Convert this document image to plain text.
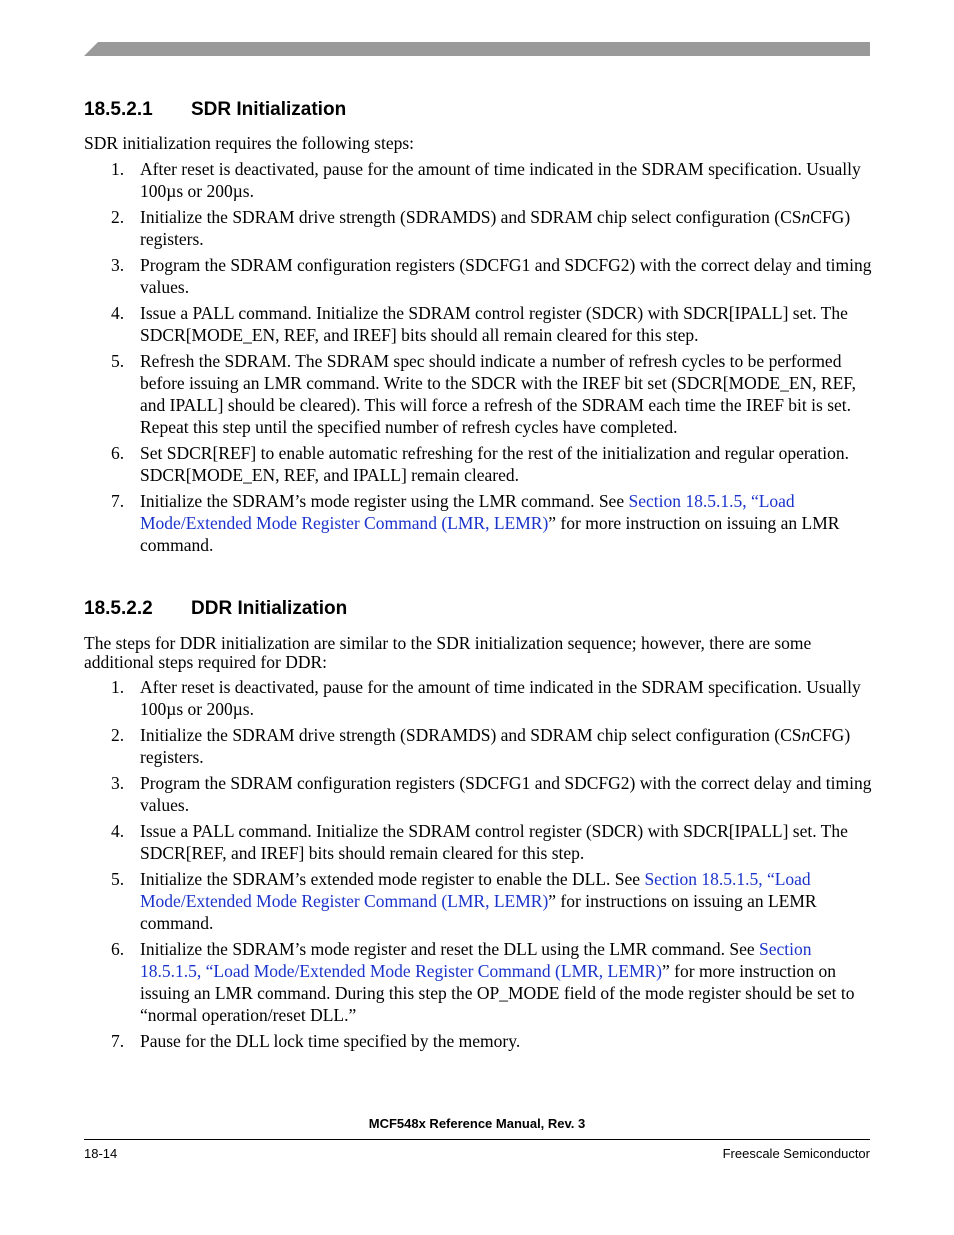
18.5.2.1 SDR Initialization

SDR initialization requires the following steps:

1. After reset is deactivated, pause for the amount of time indicated in the SDRAM specification. Usually 100µs or 200µs.
2. Initialize the SDRAM drive strength (SDRAMDS) and SDRAM chip select configuration (CSnCFG) registers.
3. Program the SDRAM configuration registers (SDCFG1 and SDCFG2) with the correct delay and timing values.
4. Issue a PALL command. Initialize the SDRAM control register (SDCR) with SDCR[IPALL] set. The SDCR[MODE_EN, REF, and IREF] bits should all remain cleared for this step.
5. Refresh the SDRAM. The SDRAM spec should indicate a number of refresh cycles to be performed before issuing an LMR command. Write to the SDCR with the IREF bit set (SDCR[MODE_EN, REF, and IPALL] should be cleared). This will force a refresh of the SDRAM each time the IREF bit is set. Repeat this step until the specified number of refresh cycles have completed.
6. Set SDCR[REF] to enable automatic refreshing for the rest of the initialization and regular operation. SDCR[MODE_EN, REF, and IPALL] remain cleared.
7. Initialize the SDRAM’s mode register using the LMR command. See Section 18.5.1.5, “Load Mode/Extended Mode Register Command (LMR, LEMR)” for more instruction on issuing an LMR command.
18.5.2.2 DDR Initialization

The steps for DDR initialization are similar to the SDR initialization sequence; however, there are some additional steps required for DDR:

1. After reset is deactivated, pause for the amount of time indicated in the SDRAM specification. Usually 100µs or 200µs.
2. Initialize the SDRAM drive strength (SDRAMDS) and SDRAM chip select configuration (CSnCFG) registers.
3. Program the SDRAM configuration registers (SDCFG1 and SDCFG2) with the correct delay and timing values.
4. Issue a PALL command. Initialize the SDRAM control register (SDCR) with SDCR[IPALL] set. The SDCR[REF, and IREF] bits should remain cleared for this step.
5. Initialize the SDRAM’s extended mode register to enable the DLL. See Section 18.5.1.5, “Load Mode/Extended Mode Register Command (LMR, LEMR)” for instructions on issuing an LEMR command.
6. Initialize the SDRAM’s mode register and reset the DLL using the LMR command. See Section 18.5.1.5, “Load Mode/Extended Mode Register Command (LMR, LEMR)” for more instruction on issuing an LMR command. During this step the OP_MODE field of the mode register should be set to “normal operation/reset DLL.”
7. Pause for the DLL lock time specified by the memory.
MCF548x Reference Manual, Rev. 3
18-14	Freescale Semiconductor
